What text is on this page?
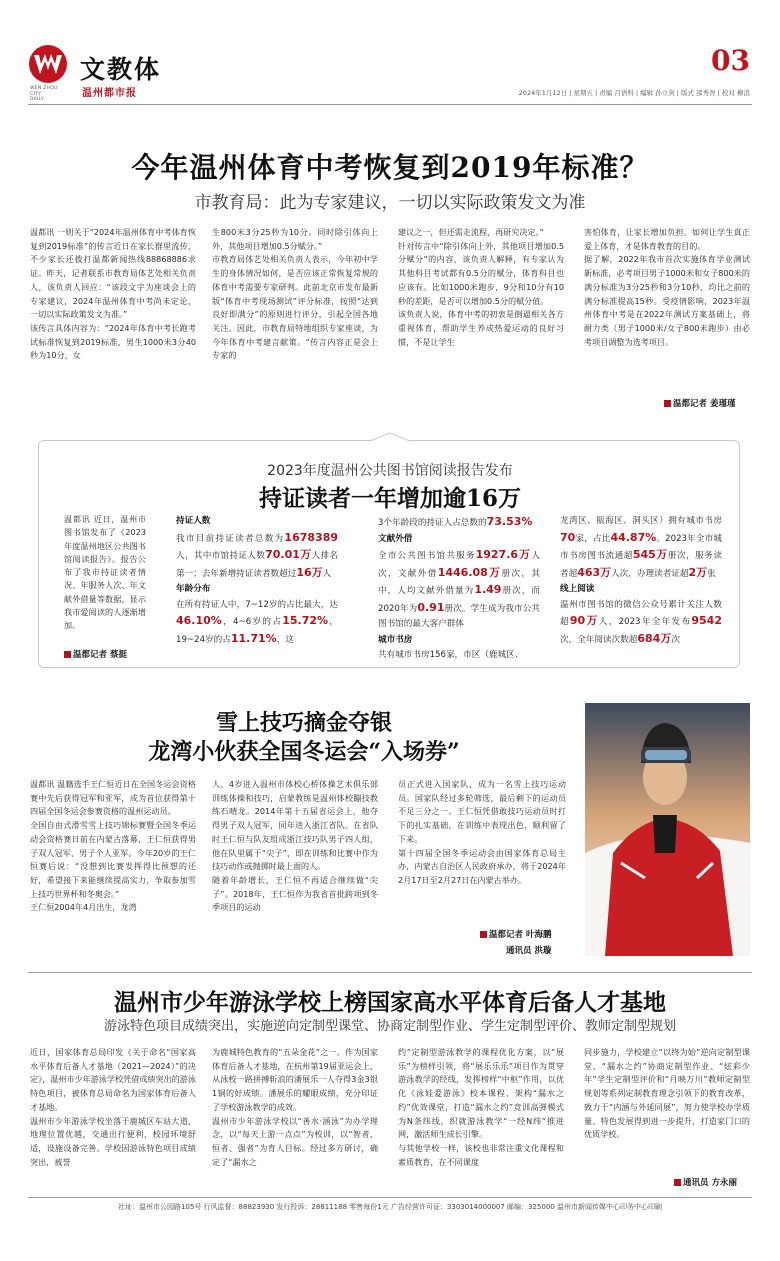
WEN ZHOU
CITY
DAILY
文教体
温州都市报
03
2024年1月12日 | 星期五 | 责编 吕语科 | 编辑 孙立剑 | 版式 邵秀智 | 校对 柳浪
今年温州体育中考恢复到2019年标准？
市教育局：此为专家建议，一切以实际政策发文为准
温都讯 一则关于“2024年温州体育中考体育恢复到2019标准”的传言近日在家长群里流传，不少家长还拨打温都新闻热线88868886求证。昨天，记者联系市教育局体艺处相关负责人，该负责人回应：“该段文字为座谈会上的专家建议，2024年温州体育中考尚未定论，一切以实际政策发文为准。”
该传言具体内容为：“2024年体育中考长跑考试标准恢复到2019标准，男生1000米3分40秒为10分，女
生800米3分25秒为10分。同时除引体向上外，其他项目增加0.5分赋分。”
市教育局体艺处相关负责人表示，今年初中学生的身体情况如何，是否应该正常恢复常规的体育中考需要专家研判。此前北京市发布最新版“体育中考现场测试”评分标准，按照“达到良好即满分”的原则进行评分，引起全国各地关注。因此，市教育局特地组织专家座谈，为今年体育中考建言献策。“传言内容正是会上专家的
建议之一，但还需走流程，再研究决定。”
针对传言中“除引体向上外，其他项目增加0.5分赋分”的内容，该负责人解释，有专家认为其他科目考试都有0.5分的赋分，体育科目也应该有。比如1000米跑步，9分和10分有10秒的差距，是否可以增加0.5分的赋分值。
该负责人说，体育中考的初衷是倒逼相关各方重视体育，帮助学生养成热爱运动的良好习惯，不是让学生
害怕体育，让家长增加负担。如何让学生真正爱上体育，才是体育教育的目的。
据了解，2022年我市首次实施体育学业测试新标准，必考项目男子1000米和女子800米的满分标准为3分25秒和3分10秒，均比之前的满分标准提高15秒。受疫情影响，2023年温州体育中考是在2022年测试方案基础上，将耐力类（男子1000米/女子800米跑步）由必考项目调整为选考项目。
温都记者 姜瑾瑾
2023年度温州公共图书馆阅读报告发布
持证读者一年增加逾16万
温都讯 近日，温州市图书馆发布了《2023年度温州地区公共图书馆阅读报告》。报告公布了我市持证读者情况、年服务人次、年文献外借量等数据，显示我市爱阅读的人逐渐增加。
温都记者 蔡挺
持证人数
我市目前持证读者总数为1678389人，其中市馆持证人数70.01万人排名第一；去年新增持证读者数超过16万人
年龄分布
在所有持证人中，7~12岁的占比最大，达46.10%，4~6岁的占15.72%，19~24岁的占11.71%，这
3个年龄段的持证人占总数的73.53%
文献外借
全市公共图书馆共服务1927.6万人次，文献外借1446.08万册次，其中，人均文献外借量为1.49册次，而2020年为0.91册次。学生成为我市公共图书馆的最大客户群体
城市书房
共有城市书房156家，市区（鹿城区、
龙湾区、瓯海区、洞头区）拥有城市书房70家，占比44.87%。2023年全市城市书房图书流通超545万册次，服务读者超463万人次，办理读者证超2万张
线上阅读
温州市图书馆的微信公众号累计关注人数超90万人，2023年全年发布9542次，全年阅读次数超684万次
雪上技巧摘金夺银
龙湾小伙获全国冬运会“入场券”
温都讯 温籍选手王仁恒近日在全国冬运会资格赛中先后获得冠军和亚军，成为首位获得第十四届全国冬运会参赛资格的温州运动员。
全国自由式滑雪雪上技巧锦标赛暨全国冬季运动会资格赛日前在内蒙古落幕，王仁恒获得男子双人冠军、男子个人亚军。今年20岁的王仁恒赛后说：“没想到比赛发挥得比预想的还好，希望接下来能继续提高实力，争取参加雪上技巧世界杯和冬奥会。”
王仁恒2004年4月出生，龙湾
人，4岁进入温州市体校心桥体操艺术俱乐部训练体操和技巧，启蒙教练是温州体校蹦技教练石晴龙。2014年第十五届省运会上，他夺得男子双人冠军，同年进入浙江省队。在省队时王仁恒与队友组成浙江技巧队男子四人组，他在队里属于“尖子”，即在训练和比赛中作为技巧动作或抛掷时最上面的人。
随着年龄增长，王仁恒不再适合继续做“尖子”。2018年，王仁恒作为我省首批跨项到冬季项目的运动
员正式进入国家队，成为一名雪上技巧运动员。国家队经过多轮筛选，最后剩下的运动员不足三分之一。王仁恒凭借敢技巧运动员时打下的扎实基础，在训练中表现出色，顺利留了下来。
第十四届全国冬季运动会由国家体育总局主办，内蒙古自治区人民政府承办，将于2024年2月17日至2月27日在内蒙古举办。
温都记者 叶海鹏
通讯员 洪璇
温州市少年游泳学校上榜国家高水平体育后备人才基地
游泳特色项目成绩突出，实施逆向定制型课堂、协商定制型作业、学生定制型评价、教师定制型规划
近日，国家体育总局印发《关于命名“国家高水平体育后备人才基地（2021—2024）”的决定》，温州市少年游泳学校凭借成绩突出的游泳特色项目，被体育总局命名为国家体育后备人才基地。
温州市少年游泳学校坐落于鹿城区车站大道，地理位置优越，交通出行便利，校园环境舒适，设施设备完善。学校因游泳特色项目成绩突出，被誉
为鹿城特色教育的“五朵金花”之一。作为国家体育后备人才基地，在杭州第19届亚运会上，从泳校一路拼搏斩浪的潘展乐一人夺得3金3银1铜的好成绩。潘展乐的耀眼成绩，充分印证了学校游泳教学的成效。
温州市少年游泳学校以“善水·涵泳”为办学理念，以“每天上游一点点”为校训，以“智者、恒者、强者”为育人目标。经过多方研讨，确定了“漏水之
约”定制型游泳教学的课程优化方案，以“展乐”为榜样引领，将“展乐乐乐”项目作为贯穿游泳教学的经线，发挥榜样“中枢”作用，以优化《泳娃爱游泳》校本课程，架构“漏水之约”优效课堂，打造“漏水之约”竞训高弹模式为N条纬线，织就游泳教学“一经N纬”推进网，激活师生成长引擎。
与其他学校一样，该校也非常注重文化课程和素质教育，在不同课度
同步施力，学校建立“以终为始”逆向定制型课堂、“漏水之约”协商定制型作业、“炫彩少年”学生定制型评价和“月映万川”教师定制型规划等系列定制教育理念引领下的教育改革，致力于“内涵与外延同展”，努力使学校办学质量、特色发展得到进一步提升，打造家门口的优质学校。
通讯员 方永丽
社址：温州市公园路105号 行风监督：88823930 发行投诉：28811188 零售每份1元 广告经营许可证：3303014000007 邮编：325000 温州市新闻传媒中心印务中心印刷
